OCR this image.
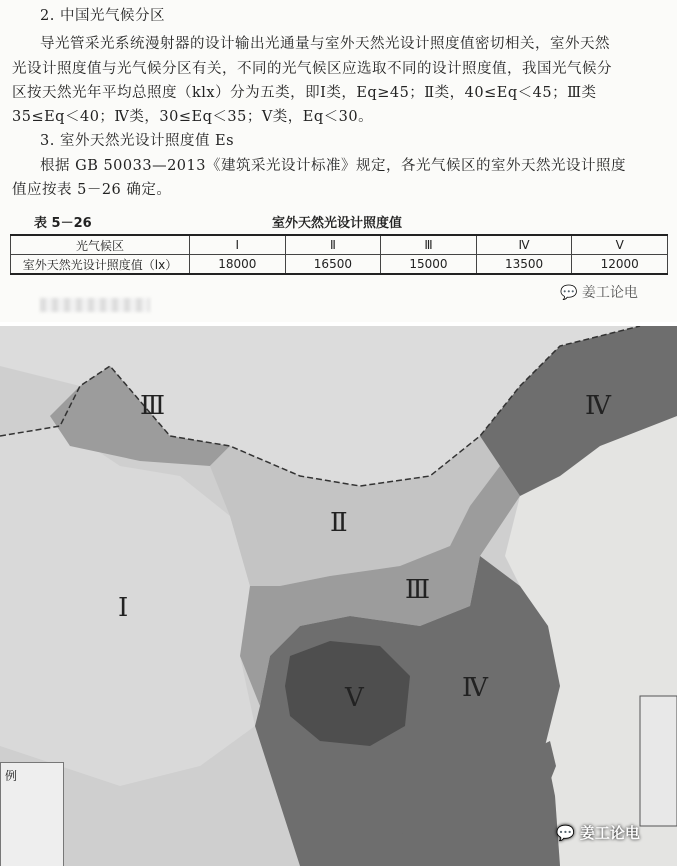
2. 中国光气候分区
导光管采光系统漫射器的设计输出光通量与室外天然光设计照度值密切相关，室外天然
光设计照度值与光气候分区有关，不同的光气候区应选取不同的设计照度值，我国光气候分
区按天然光年平均总照度（klx）分为五类，即Ⅰ类，Eq≥45；Ⅱ类，40≤Eq＜45；Ⅲ类
35≤Eq＜40；Ⅳ类，30≤Eq＜35；Ⅴ类，Eq＜30。
3. 室外天然光设计照度值 Es
根据 GB 50033—2013《建筑采光设计标准》规定，各光气候区的室外天然光设计照度
值应按表 5－26 确定。
表 5－26	室外天然光设计照度值
光气候区	Ⅰ	Ⅱ	Ⅲ	Ⅳ	Ⅴ
室外天然光设计照度值（lx）	18000	16500	15000	13500	12000
💬 姜工论电
Ⅲ
Ⅰ
Ⅱ
Ⅲ
Ⅳ
Ⅳ
Ⅴ
例
💬 姜工论电
